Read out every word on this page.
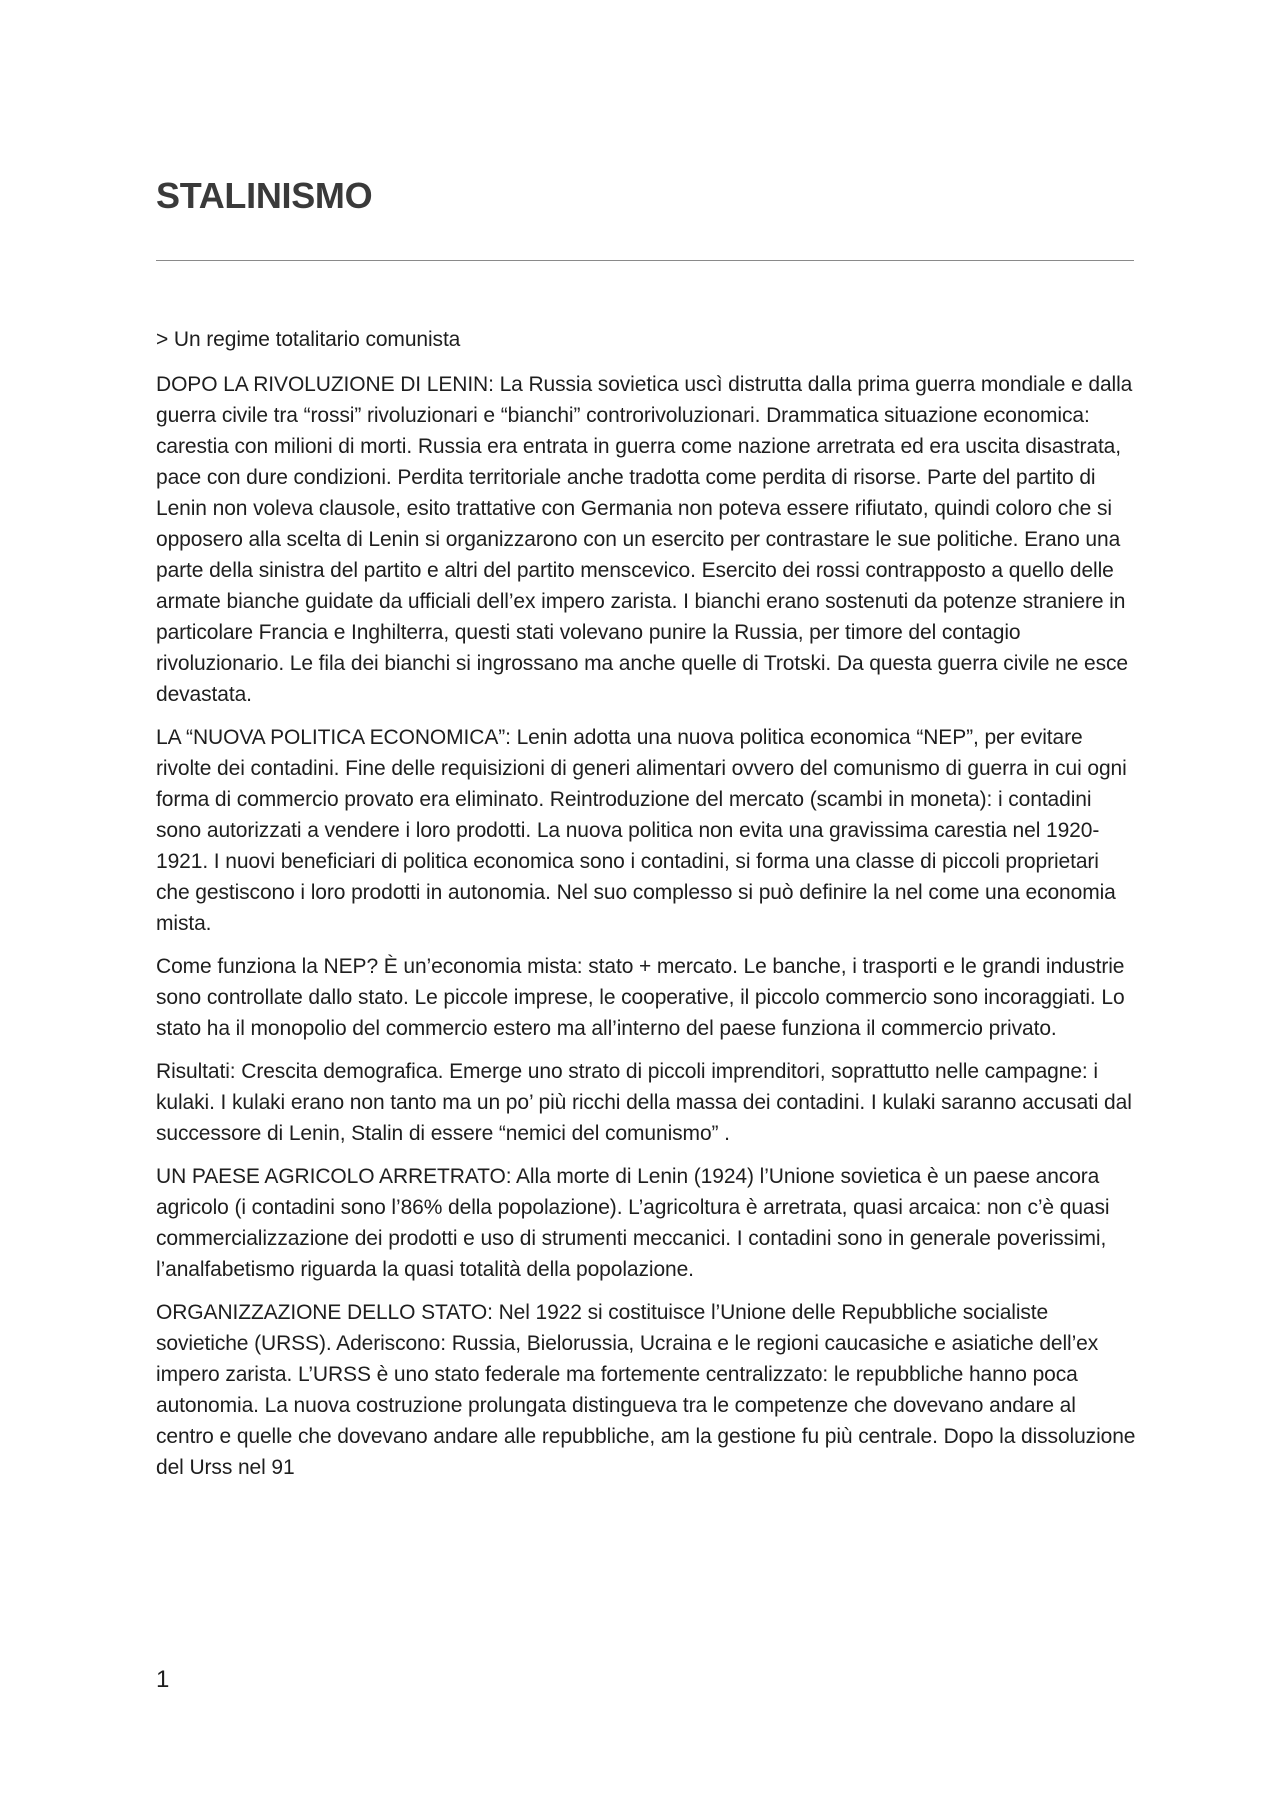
STALINISMO

> Un regime totalitario comunista

DOPO LA RIVOLUZIONE DI LENIN: La Russia sovietica uscì distrutta dalla prima guerra mondiale e dalla guerra civile tra “rossi” rivoluzionari e “bianchi” controrivoluzionari. Drammatica situazione economica: carestia con milioni di morti. Russia era entrata in guerra come nazione arretrata ed era uscita disastrata, pace con dure condizioni. Perdita territoriale anche tradotta come perdita di risorse. Parte del partito di Lenin non voleva clausole, esito trattative con Germania non poteva essere rifiutato, quindi coloro che si opposero alla scelta di Lenin si organizzarono con un esercito per contrastare le sue politiche. Erano una parte della sinistra del partito e altri del partito menscevico. Esercito dei rossi contrapposto a quello delle armate bianche guidate da ufficiali dell’ex impero zarista. I bianchi erano sostenuti da potenze straniere in particolare Francia e Inghilterra, questi stati volevano punire la Russia, per timore del contagio rivoluzionario. Le fila dei bianchi si ingrossano ma anche quelle di Trotski. Da questa guerra civile ne esce devastata.

LA “NUOVA POLITICA ECONOMICA”: Lenin adotta una nuova politica economica “NEP”, per evitare rivolte dei contadini. Fine delle requisizioni di generi alimentari ovvero del comunismo di guerra in cui ogni forma di commercio provato era eliminato. Reintroduzione del mercato (scambi in moneta): i contadini sono autorizzati a vendere i loro prodotti. La nuova politica non evita una gravissima carestia nel 1920-1921. I nuovi beneficiari di politica economica sono i contadini, si forma una classe di piccoli proprietari che gestiscono i loro prodotti in autonomia. Nel suo complesso si può definire la nel come una economia mista.

Come funziona la NEP? È un’economia mista: stato + mercato. Le banche, i trasporti e le grandi industrie sono controllate dallo stato. Le piccole imprese, le cooperative, il piccolo commercio sono incoraggiati. Lo stato ha il monopolio del commercio estero ma all’interno del paese funziona il commercio privato.

Risultati: Crescita demografica. Emerge uno strato di piccoli imprenditori, soprattutto nelle campagne: i kulaki. I kulaki erano non tanto ma un po’ più ricchi della massa dei contadini. I kulaki saranno accusati dal successore di Lenin, Stalin di essere “nemici del comunismo” .

UN PAESE AGRICOLO ARRETRATO: Alla morte di Lenin (1924) l’Unione sovietica è un paese ancora agricolo (i contadini sono l’86% della popolazione). L’agricoltura è arretrata, quasi arcaica: non c’è quasi commercializzazione dei prodotti e uso di strumenti meccanici. I contadini sono in generale poverissimi, l’analfabetismo riguarda la quasi totalità della popolazione.

ORGANIZZAZIONE DELLO STATO: Nel 1922 si costituisce l’Unione delle Repubbliche socialiste sovietiche (URSS). Aderiscono: Russia, Bielorussia, Ucraina e le regioni caucasiche e asiatiche dell’ex impero zarista. L’URSS è uno stato federale ma fortemente centralizzato: le repubbliche hanno poca autonomia. La nuova costruzione prolungata distingueva tra le competenze che dovevano andare al centro e quelle che dovevano andare alle repubbliche, am la gestione fu più centrale. Dopo la dissoluzione del Urss nel 91

1
